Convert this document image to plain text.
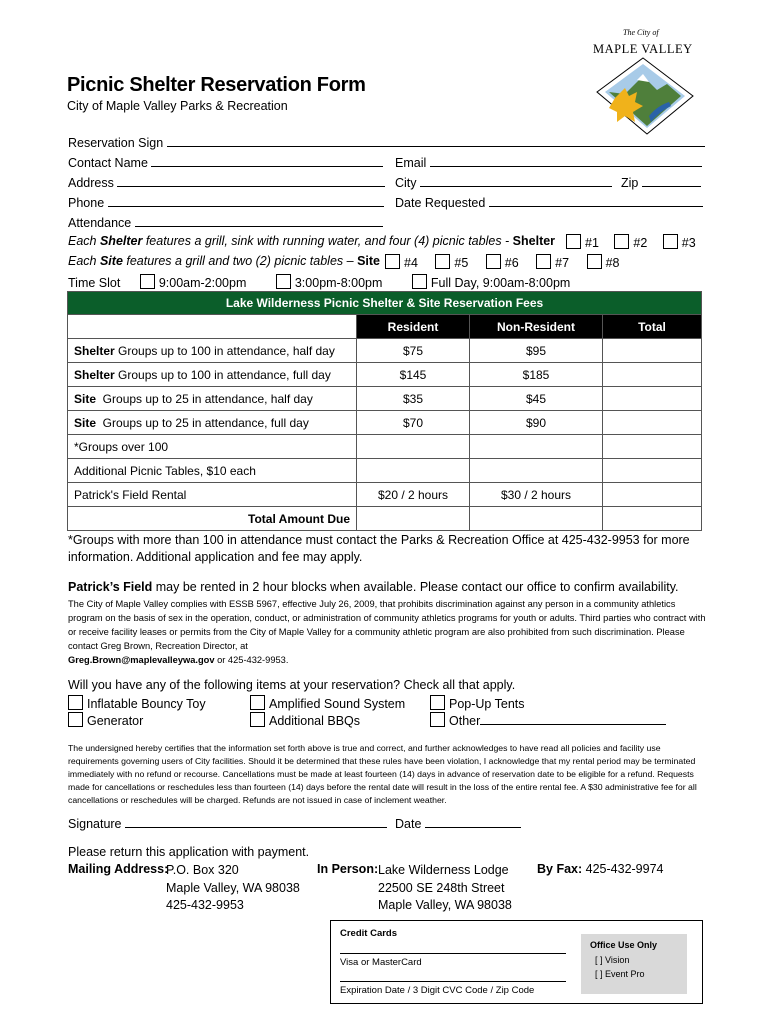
The City of
MAPLE VALLEY
Picnic Shelter Reservation Form
City of Maple Valley Parks & Recreation
Reservation Sign
Contact Name	Email
Address	City	Zip
Phone	Date Requested
Attendance
Each Shelter features a grill, sink with running water, and four (4) picnic tables - Shelter	#1	#2	#3
Each Site features a grill and two (2) picnic tables – Site	#4	#5	#6	#7	#8
Time Slot	9:00am-2:00pm	3:00pm-8:00pm	Full Day, 9:00am-8:00pm
Lake Wilderness Picnic Shelter & Site Reservation Fees			
	Resident	Non-Resident	Total
Shelter Groups up to 100 in attendance, half day	$75	$95	
Shelter Groups up to 100 in attendance, full day	$145	$185	
Site  Groups up to 25 in attendance, half day	$35	$45	
Site  Groups up to 25 in attendance, full day	$70	$90	
*Groups over 100			
Additional Picnic Tables, $10 each			
Patrick's Field Rental	$20 / 2 hours	$30 / 2 hours	
Total Amount Due			
*Groups with more than 100 in attendance must contact the Parks & Recreation Office at 425-432-9953 for more information. Additional application and fee may apply.
Patrick’s Field may be rented in 2 hour blocks when available. Please contact our office to confirm availability.
The City of Maple Valley complies with ESSB 5967, effective July 26, 2009, that prohibits discrimination against any person in a community athletics program on the basis of sex in the operation, conduct, or administration of community athletics programs for youth or adults. Third parties who contract with or receive facility leases or permits from the City of Maple Valley for a community athletic program are also prohibited from such discrimination. Please contact Greg Brown, Recreation Director, at
Greg.Brown@maplevalleywa.gov or 425-432-9953.
Will you have any of the following items at your reservation? Check all that apply.
Inflatable Bouncy Toy	Amplified Sound System	Pop-Up Tents
Generator	Additional BBQs	Other
The undersigned hereby certifies that the information set forth above is true and correct, and further acknowledges to have read all policies and facility use requirements governing users of City facilities. Should it be determined that these rules have been violation, I acknowledge that my rental period may be terminated immediately with no refund or recourse. Cancellations must be made at least fourteen (14) days in advance of reservation date to be eligible for a refund. Requests made for cancellations or reschedules less than fourteen (14) days before the rental date will result in the loss of the entire rental fee. A $30 administrative fee for all cancellations or reschedules will be charged. Refunds are not issued in case of inclement weather.
Signature	Date
Please return this application with payment.
Mailing Address:
P.O. Box 320
Maple Valley, WA 98038
425-432-9953
In Person: Lake Wilderness Lodge
22500 SE 248th Street
Maple Valley, WA 98038
By Fax: 425-432-9974
Credit Cards
Visa or MasterCard
Expiration Date / 3 Digit CVC Code / Zip Code
Office Use Only
[ ] Vision
[ ] Event Pro
